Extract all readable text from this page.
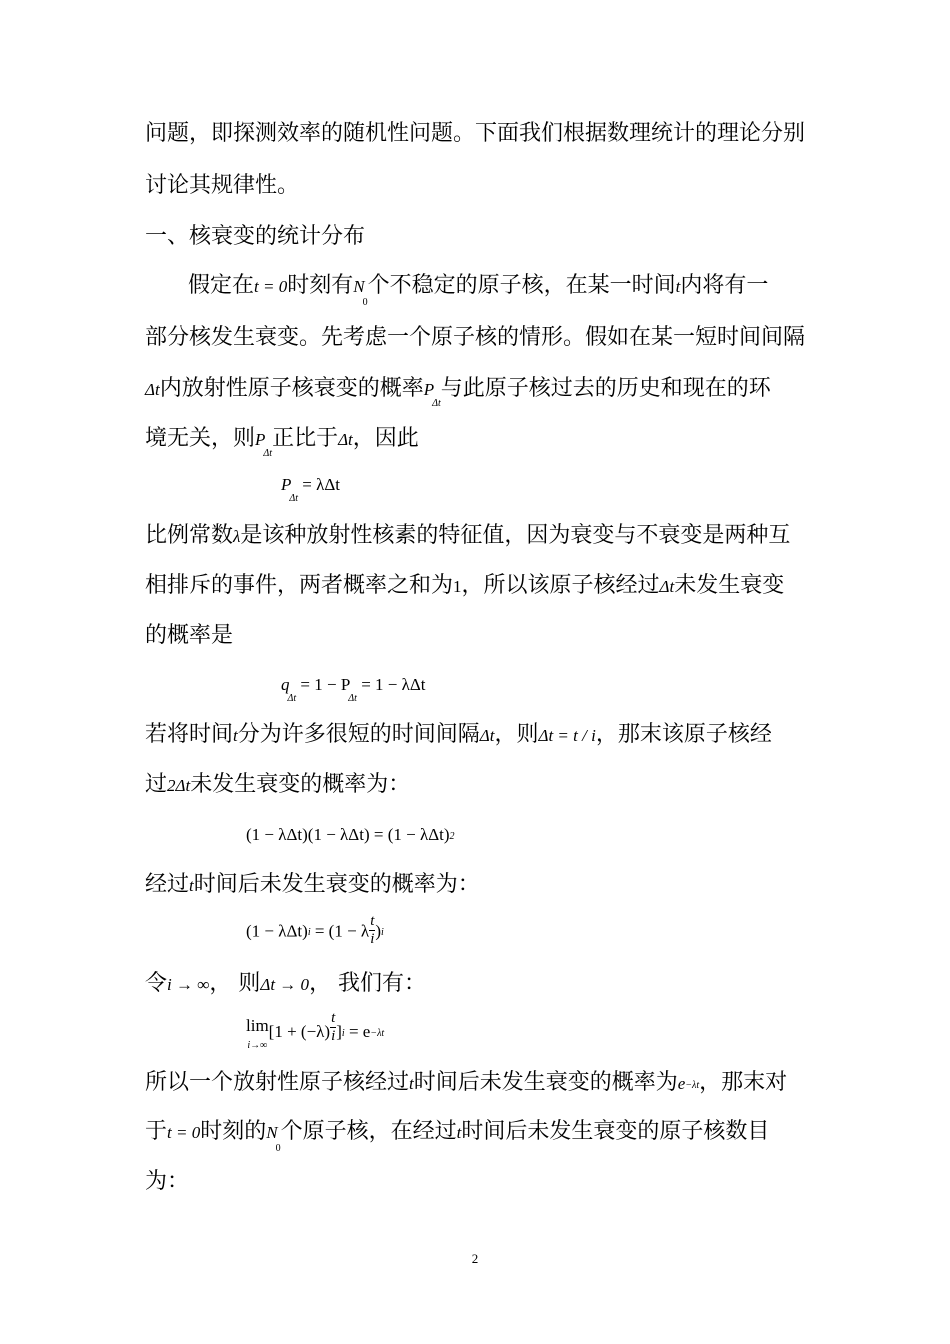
问题，即探测效率的随机性问题。下面我们根据数理统计的理论分别
讨论其规律性。
一、核衰变的统计分布
假定在t = 0时刻有$N_0$个不稳定的原子核，在某一时间t内将有一
部分核发生衰变。先考虑一个原子核的情形。假如在某一短时间间隔
Δt内放射性原子核衰变的概率$P_{\Delta t}$与此原子核过去的历史和现在的环
境无关，则$P_{\Delta t}$正比于Δt，因此
$P_{\Delta t} = \lambda\Delta t$
比例常数λ是该种放射性核素的特征值，因为衰变与不衰变是两种互
相排斥的事件，两者概率之和为1，所以该原子核经过Δt未发生衰变
的概率是
$q_{\Delta t} = 1 - P_{\Delta t} = 1 - \lambda\Delta t$
若将时间t分为许多很短的时间间隔Δt，则Δt = t / i，那末该原子核经
过2Δt未发生衰变的概率为：
(1 − λΔt)(1 − λΔt) = (1 − λΔt)2
经过t时间后未发生衰变的概率为：
(1 − λΔt)i = (1 − λ $\frac{t}{i} )i$
令i → ∞， 则Δt → 0， 我们有：
lim
i→∞
$[1 + (-\lambda) \frac{t}{i} ]i = e-\lambda t$
所以一个放射性原子核经过t时间后未发生衰变的概率为e−λt，那末对
于t = 0时刻的$N_0$个原子核，在经过t时间后未发生衰变的原子核数目
为：
2
